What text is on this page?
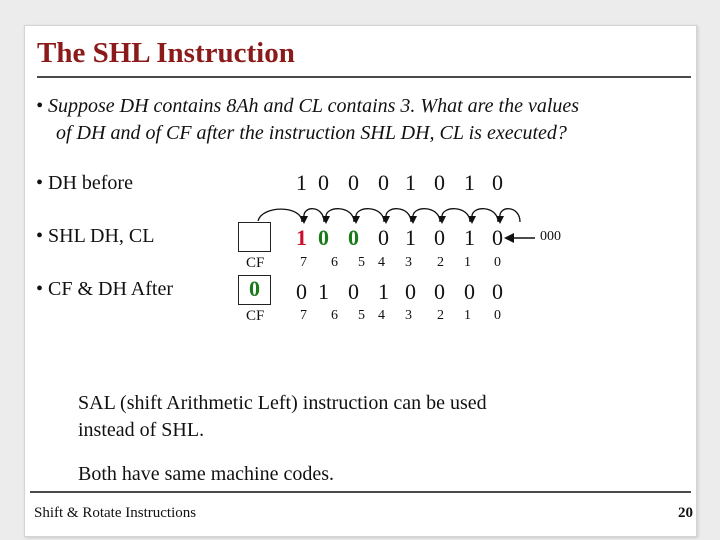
The SHL Instruction
• Suppose DH contains 8Ah and CL contains 3. What are the values
of DH and of CF after the instruction SHL DH, CL is executed?
• DH before
• SHL DH, CL
• CF & DH After
1 0 0 0 1 0 1 0
CF
1 0 0 0 1 0 1 0	000
7 6 5 4 3 2 1 0
0
CF
0 1 0 1 0 0 0 0
7 6 5 4 3 2 1 0
SAL (shift Arithmetic Left) instruction can be used
instead of SHL.
Both have same machine codes.
Shift & Rotate Instructions	20
